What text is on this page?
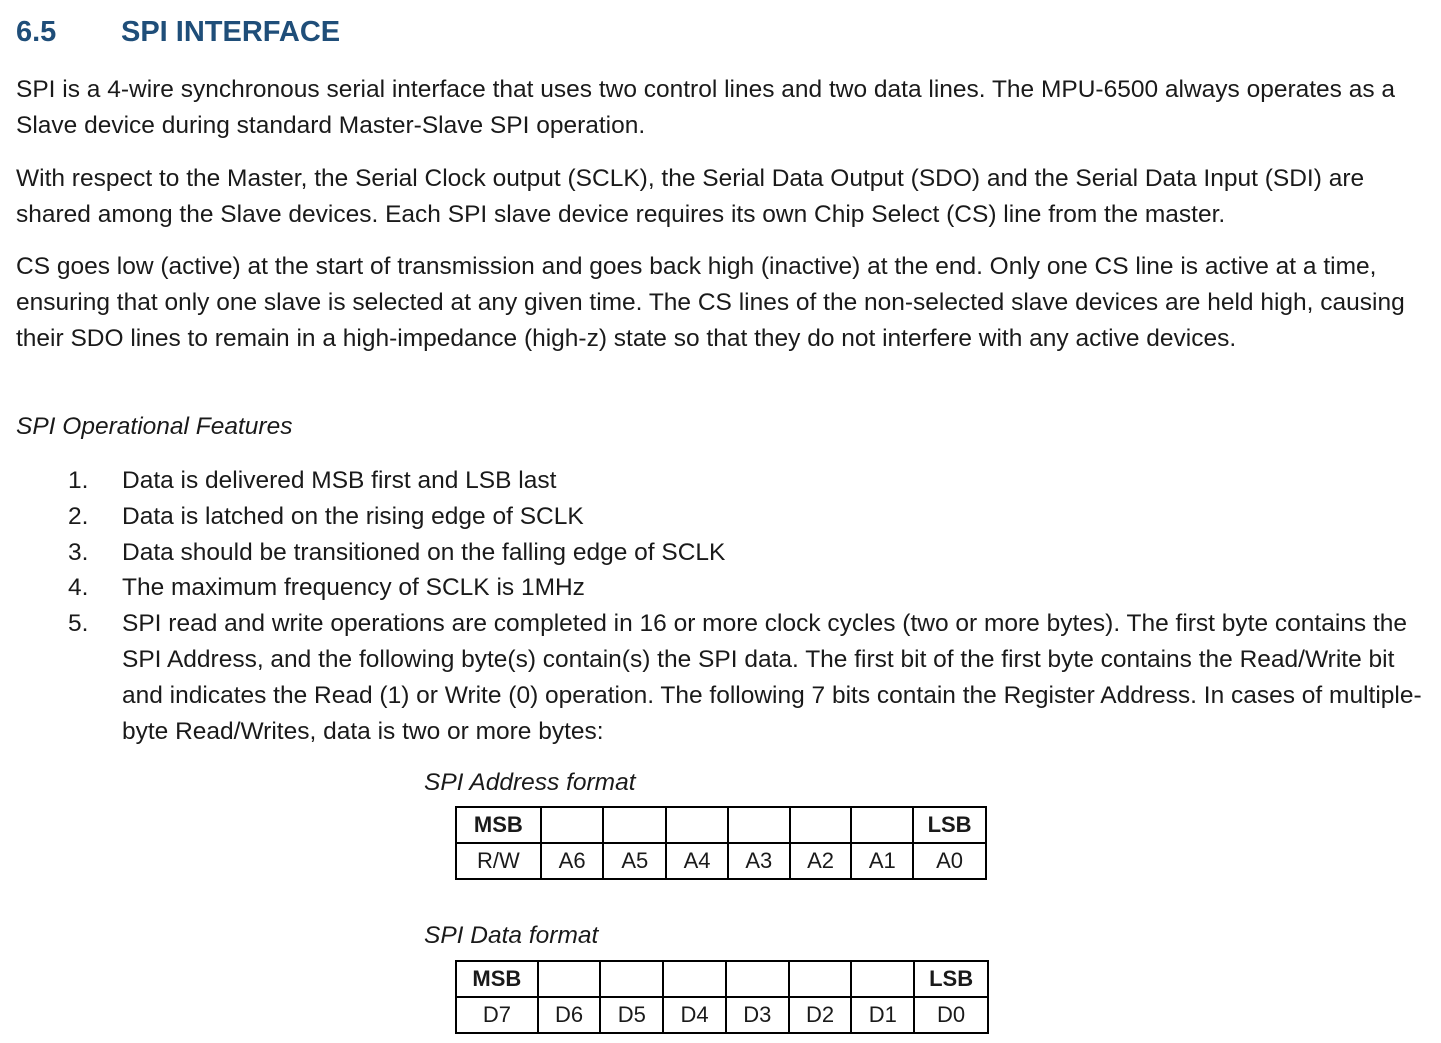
6.5	SPI INTERFACE

SPI is a 4-wire synchronous serial interface that uses two control lines and two data lines. The MPU-6500 always operates as a Slave device during standard Master-Slave SPI operation.

With respect to the Master, the Serial Clock output (SCLK), the Serial Data Output (SDO) and the Serial Data Input (SDI) are shared among the Slave devices. Each SPI slave device requires its own Chip Select (CS) line from the master.

CS goes low (active) at the start of transmission and goes back high (inactive) at the end. Only one CS line is active at a time, ensuring that only one slave is selected at any given time. The CS lines of the non-selected slave devices are held high, causing their SDO lines to remain in a high-impedance (high-z) state so that they do not interfere with any active devices.

SPI Operational Features

1.	Data is delivered MSB first and LSB last
2.	Data is latched on the rising edge of SCLK
3.	Data should be transitioned on the falling edge of SCLK
4.	The maximum frequency of SCLK is 1MHz
5.	SPI read and write operations are completed in 16 or more clock cycles (two or more bytes). The first byte contains the SPI Address, and the following byte(s) contain(s) the SPI data. The first bit of the first byte contains the Read/Write bit and indicates the Read (1) or Write (0) operation. The following 7 bits contain the Register Address. In cases of multiple-byte Read/Writes, data is two or more bytes:

SPI Address format

MSB							LSB
R/W	A6	A5	A4	A3	A2	A1	A0

SPI Data format

MSB							LSB
D7	D6	D5	D4	D3	D2	D1	D0
